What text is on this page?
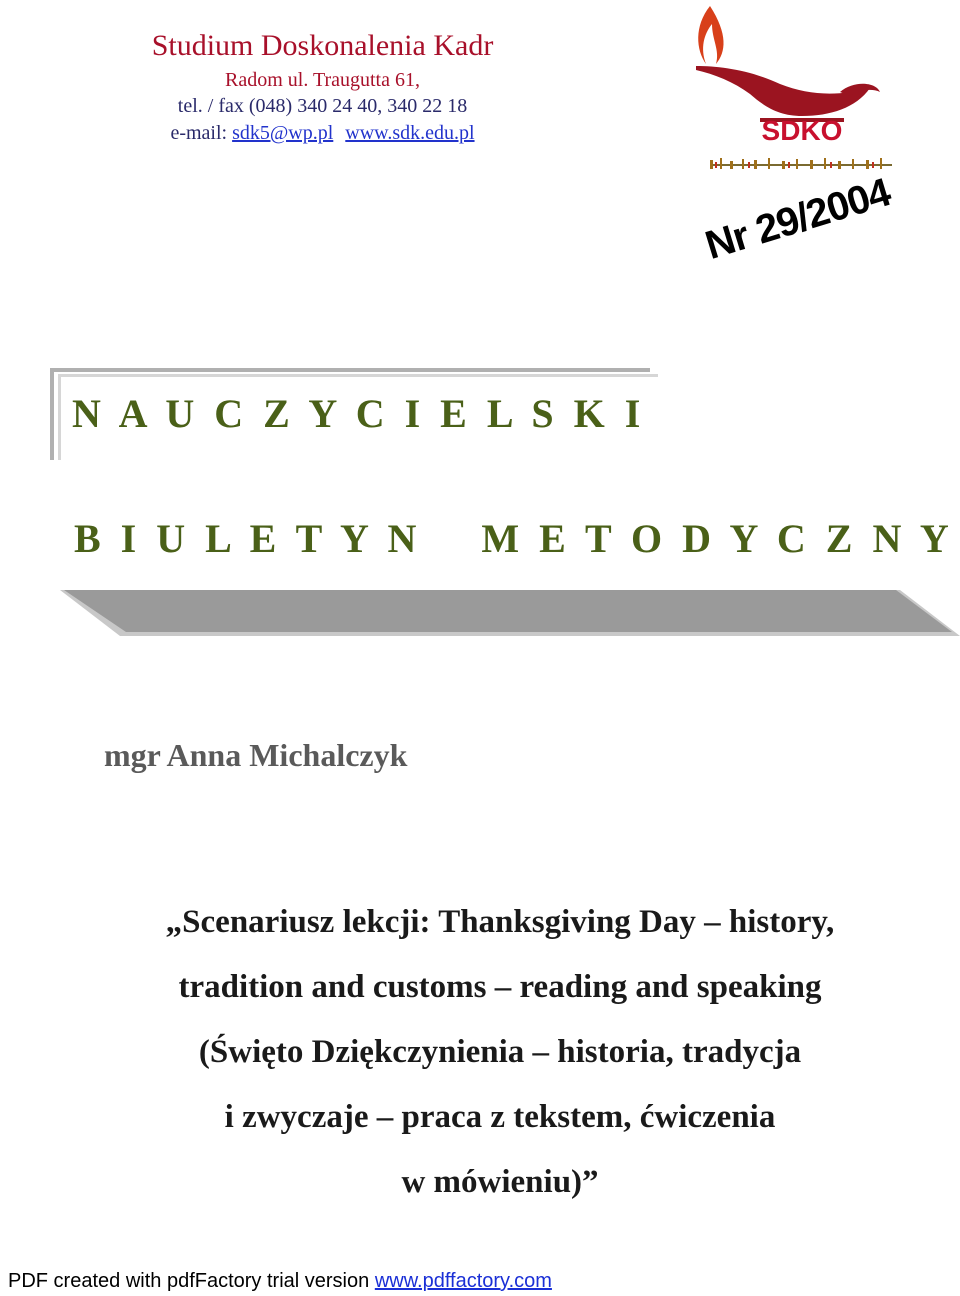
Studium Doskonalenia Kadr
Radom ul. Traugutta 61,
tel. / fax (048) 340 24 40, 340 22 18
e-mail: sdk5@wp.pl www.sdk.edu.pl	SDKO
Nr 29/2004
N A U C Z Y C I E L S K I
B I U L E T Y N    M E T O D Y C Z N Y
mgr Anna Michalczyk
„Scenariusz lekcji: Thanksgiving Day – history,
tradition and customs – reading and speaking
(Święto Dziękczynienia – historia, tradycja
i zwyczaje – praca z tekstem, ćwiczenia
w mówieniu)”
PDF created with pdfFactory trial version www.pdffactory.com
